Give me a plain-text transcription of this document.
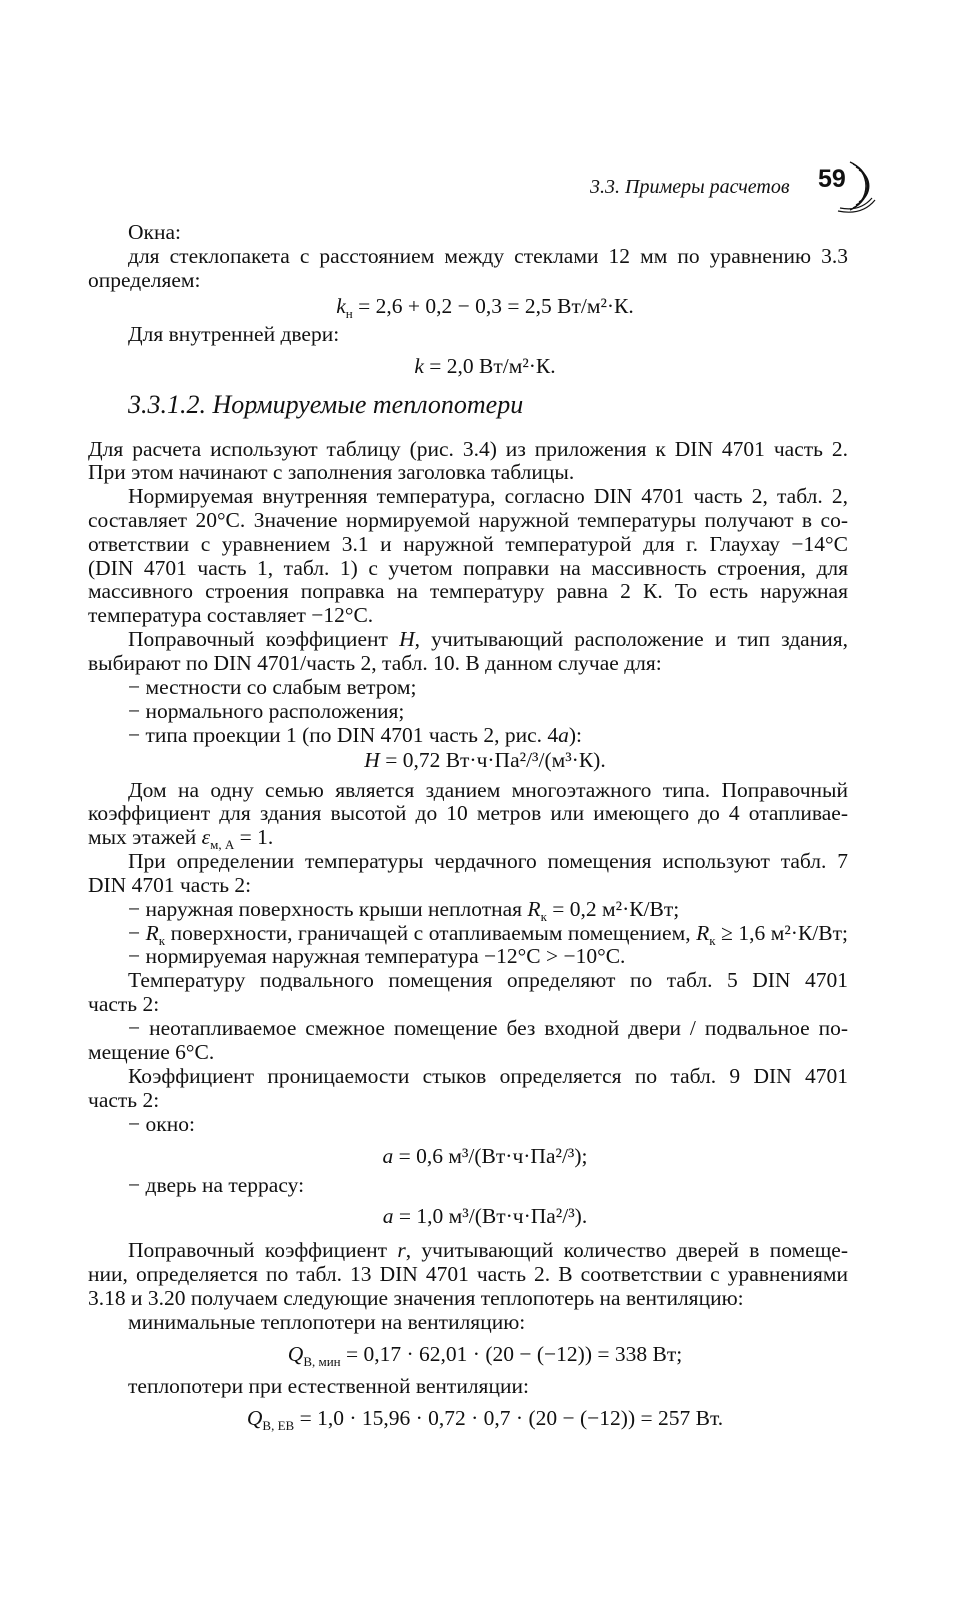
3.3. Примеры расчетов 59
Окна:
для стеклопакета с расстоянием между стеклами 12 мм по уравнению 3.3
определяем:
$k_н = 2,6 + 0,2 - 0,3 = 2,5$ Вт/м²·К.
Для внутренней двери:
k = 2,0 Вт/м²·К.
3.3.1.2. Нормируемые теплопотери
Для расчета используют таблицу (рис. 3.4) из приложения к DIN 4701 часть 2.
При этом начинают с заполнения заголовка таблицы.
Нормируемая внутренняя температура, согласно DIN 4701 часть 2, табл. 2,
составляет 20°С. Значение нормируемой наружной температуры получают в со-
ответствии с уравнением 3.1 и наружной температурой для г. Глаухау −14°С
(DIN 4701 часть 1, табл. 1) с учетом поправки на массивность строения, для
массивного строения поправка на температуру равна 2 К. То есть наружная
температура составляет −12°С.
Поправочный коэффициент H, учитывающий расположение и тип здания,
выбирают по DIN 4701/часть 2, табл. 10. В данном случае для:
− местности со слабым ветром;
− нормального расположения;
− типа проекции 1 (по DIN 4701 часть 2, рис. 4а):
H = 0,72 Вт·ч·Па²/³/(м³·К).
Дом на одну семью является зданием многоэтажного типа. Поправочный
коэффициент для здания высотой до 10 метров или имеющего до 4 отапливае-
мых этажей $\varepsilon_{м, А} = 1$.
При определении температуры чердачного помещения используют табл. 7
DIN 4701 часть 2:
− наружная поверхность крыши неплотная $R_к = 0,2$ м²·К/Вт;
− $R_к$ поверхности, граничащей с отапливаемым помещением, $R_к \ge 1,6$ м²·К/Вт;
− нормируемая наружная температура −12°С > −10°С.
Температуру подвального помещения определяют по табл. 5 DIN 4701
часть 2:
− неотапливаемое смежное помещение без входной двери / подвальное по-
мещение 6°С.
Коэффициент проницаемости стыков определяется по табл. 9 DIN 4701
часть 2:
− окно:
a = 0,6 м³/(Вт·ч·Па²/³);
− дверь на террасу:
a = 1,0 м³/(Вт·ч·Па²/³).
Поправочный коэффициент r, учитывающий количество дверей в помеще-
нии, определяется по табл. 13 DIN 4701 часть 2. В соответствии с уравнениями
3.18 и 3.20 получаем следующие значения теплопотерь на вентиляцию:
минимальные теплопотери на вентиляцию:
$Q_{В, мин} = 0,17 \cdot 62,01 \cdot (20 - (-12)) = 338$ Вт;
теплопотери при естественной вентиляции:
$Q_{В, ЕВ} = 1,0 \cdot 15,96 \cdot 0,72 \cdot 0,7 \cdot (20 - (-12)) = 257$ Вт.
